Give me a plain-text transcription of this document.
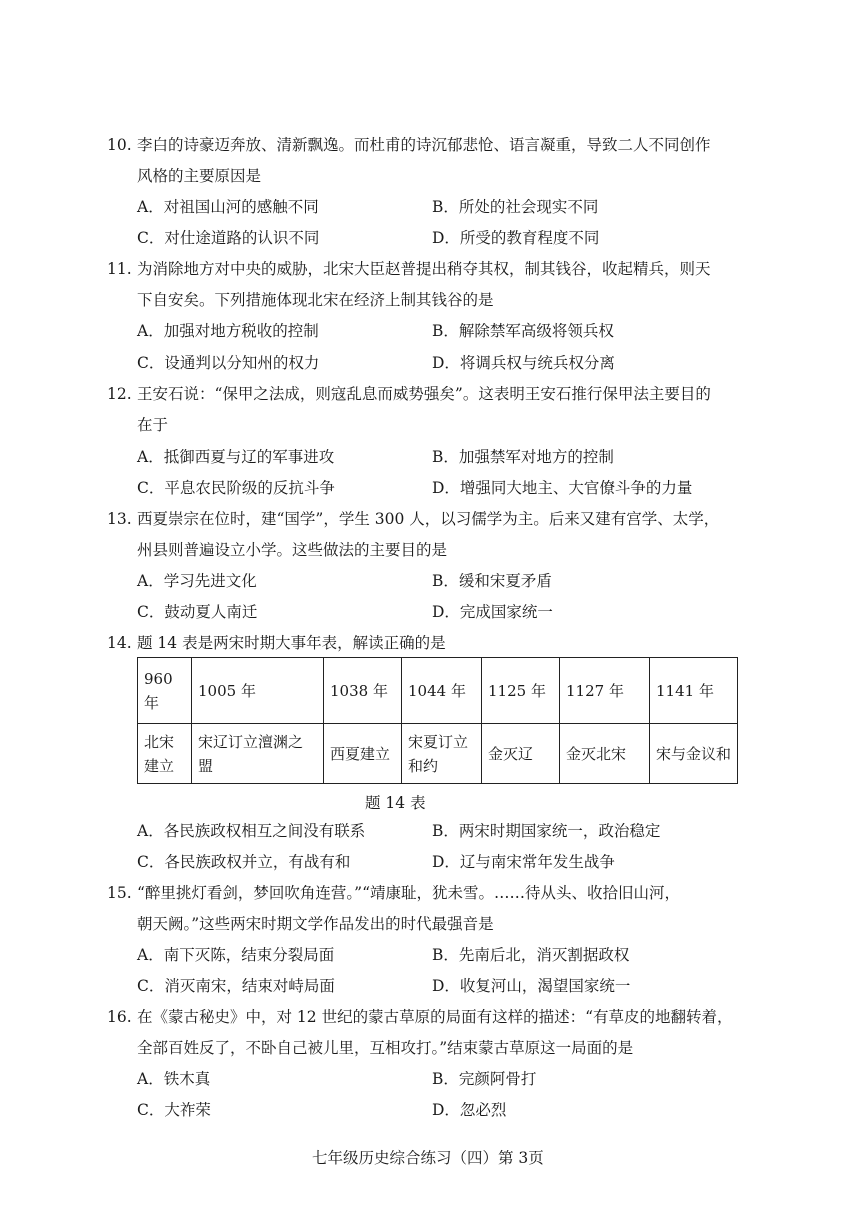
10. 李白的诗豪迈奔放、清新飘逸。而杜甫的诗沉郁悲怆、语言凝重，导致二人不同创作
风格的主要原因是
A．对祖国山河的感触不同	B．所处的社会现实不同
C．对仕途道路的认识不同	D．所受的教育程度不同
11. 为消除地方对中央的威胁，北宋大臣赵普提出稍夺其权，制其钱谷，收起精兵，则天
下自安矣。下列措施体现北宋在经济上制其钱谷的是
A．加强对地方税收的控制	B．解除禁军高级将领兵权
C．设通判以分知州的权力	D．将调兵权与统兵权分离
12. 王安石说：“保甲之法成，则寇乱息而威势强矣”。这表明王安石推行保甲法主要目的
在于
A．抵御西夏与辽的军事进攻	B．加强禁军对地方的控制
C．平息农民阶级的反抗斗争	D．增强同大地主、大官僚斗争的力量
13. 西夏崇宗在位时，建“国学”，学生 300 人，以习儒学为主。后来又建有宫学、太学，
州县则普遍设立小学。这些做法的主要目的是
A．学习先进文化	B．缓和宋夏矛盾
C．鼓动夏人南迁	D．完成国家统一
14. 题 14 表是两宋时期大事年表，解读正确的是
960年	1005 年	1038 年	1044 年	1125 年	1127 年	1141 年
北宋建立	宋辽订立澶渊之盟	西夏建立	宋夏订立和约	金灭辽	金灭北宋	宋与金议和
题 14 表
A．各民族政权相互之间没有联系	B．两宋时期国家统一，政治稳定
C．各民族政权并立，有战有和	D．辽与南宋常年发生战争
15. “醉里挑灯看剑，梦回吹角连营。”“靖康耻，犹未雪。……待从头、收拾旧山河，
朝天阙。”这些两宋时期文学作品发出的时代最强音是
A．南下灭陈，结束分裂局面	B．先南后北，消灭割据政权
C．消灭南宋，结束对峙局面	D．收复河山，渴望国家统一
16. 在《蒙古秘史》中，对 12 世纪的蒙古草原的局面有这样的描述：“有草皮的地翻转着，
全部百姓反了，不卧自己被儿里，互相攻打。”结束蒙古草原这一局面的是
A．铁木真	B．完颜阿骨打
C．大祚荣	D．忽必烈
七年级历史综合练习（四）第 3页
